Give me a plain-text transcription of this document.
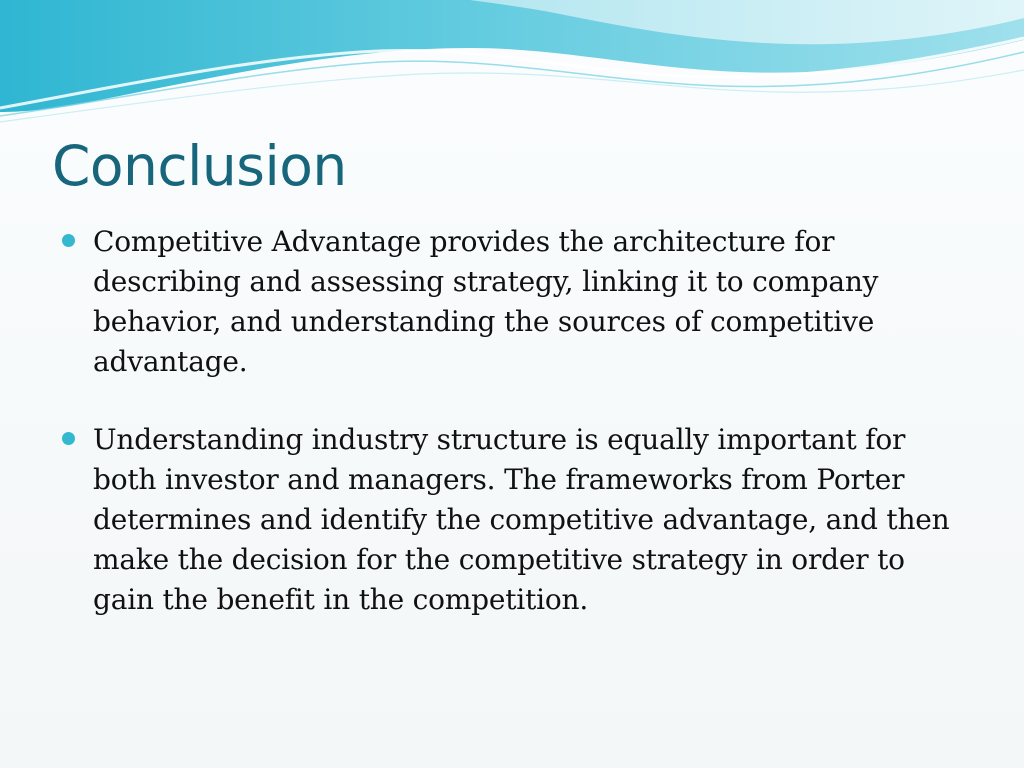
Conclusion
Competitive Advantage provides the architecture for describing and assessing strategy, linking it to company behavior, and understanding the sources of competitive advantage.
Understanding industry structure is equally important for both investor and managers. The frameworks from Porter determines and identify the competitive advantage, and then make the decision for the competitive strategy in order to gain the benefit in the competition.
